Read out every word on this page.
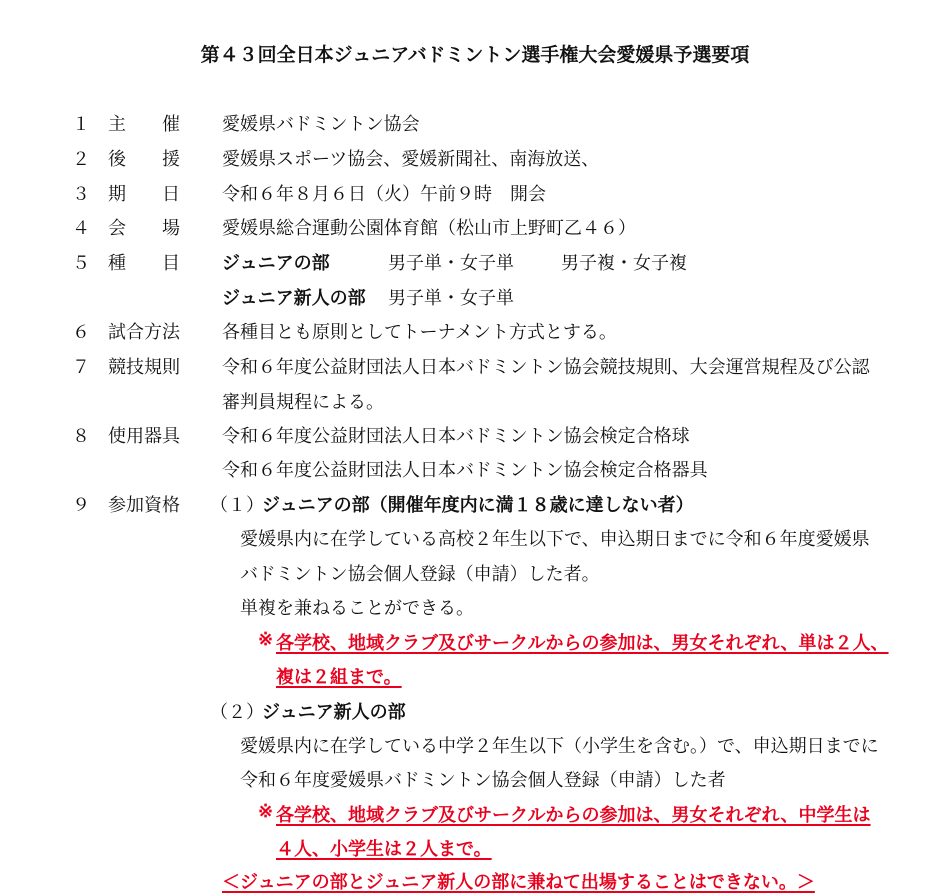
第４３回全日本ジュニアバドミントン選手権大会愛媛県予選要項
１ 主 催 愛媛県バドミントン協会
２ 後 援 愛媛県スポーツ協会、愛媛新聞社、南海放送、
３ 期 日 令和６年８月６日（火）午前９時　開会
４ 会 場 愛媛県総合運動公園体育館（松山市上野町乙４６）
５ 種 目 ジュニアの部	男子単・女子単	男子複・女子複
ジュニア新人の部 男子単・女子単
６ 試合方法 各種目とも原則としてトーナメント方式とする。
７ 競技規則 令和６年度公益財団法人日本バドミントン協会競技規則、大会運営規程及び公認
審判員規程による。
８ 使用器具 令和６年度公益財団法人日本バドミントン協会検定合格球
令和６年度公益財団法人日本バドミントン協会検定合格器具
９ 参加資格 （１）
ジュニアの部（開催年度内に満１８歳に達しない者）
愛媛県内に在学している高校２年生以下で、申込期日までに令和６年度愛媛県
バドミントン協会個人登録（申請）した者。
単複を兼ねることができる。
※ 各学校、地域クラブ及びサークルからの参加は、男女それぞれ、単は２人、
複は２組まで。
（２）
ジュニア新人の部
愛媛県内に在学している中学２年生以下（小学生を含む。）で、申込期日までに
令和６年度愛媛県バドミントン協会個人登録（申請）した者
※ 各学校、地域クラブ及びサークルからの参加は、男女それぞれ、中学生は
４人、小学生は２人まで。
＜ジュニアの部とジュニア新人の部に兼ねて出場することはできない。＞
